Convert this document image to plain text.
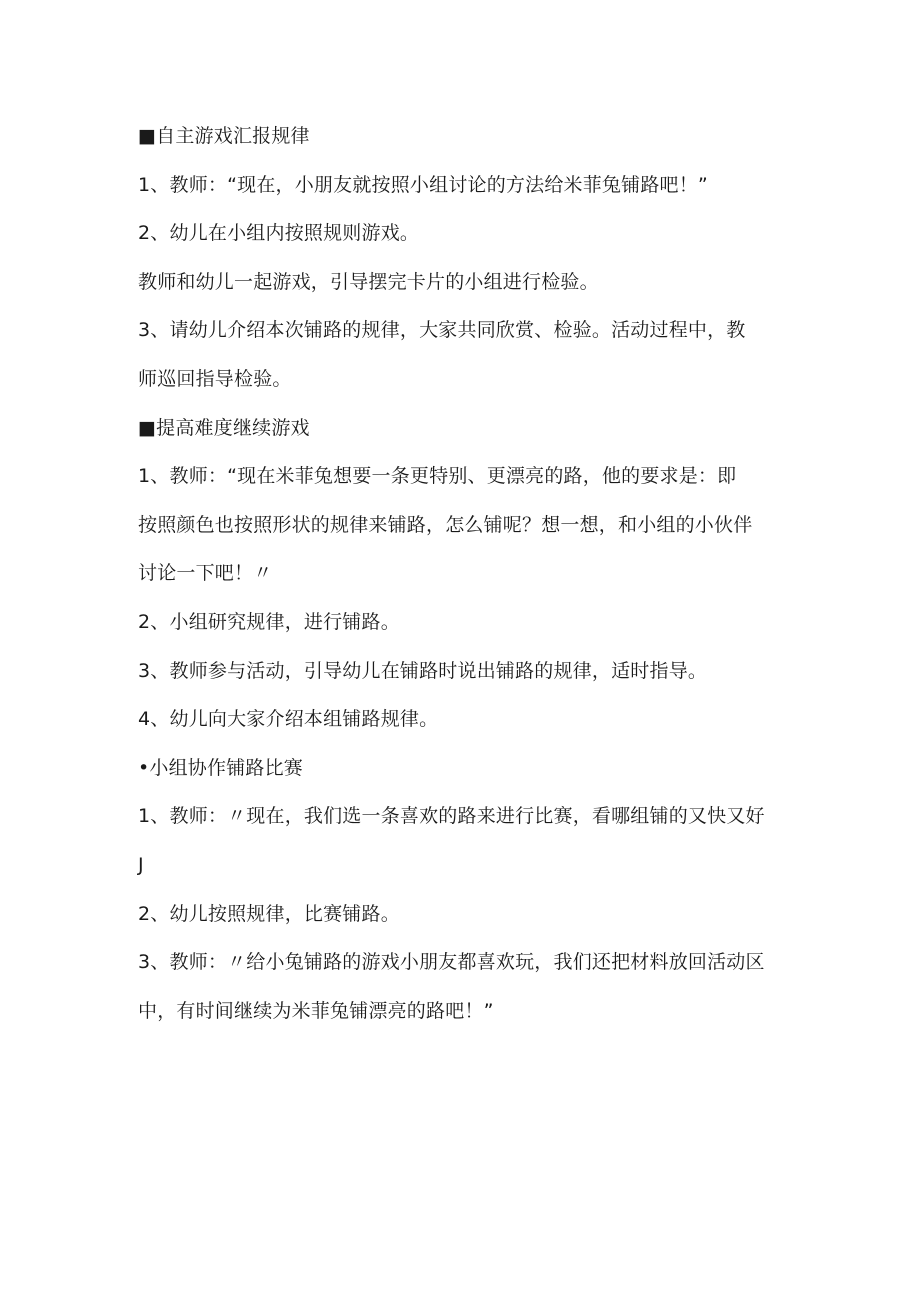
■自主游戏汇报规律
1、教师：“现在，小朋友就按照小组讨论的方法给米菲兔铺路吧！”
2、幼儿在小组内按照规则游戏。
教师和幼儿一起游戏，引导摆完卡片的小组进行检验。
3、请幼儿介绍本次铺路的规律，大家共同欣赏、检验。活动过程中，教
师巡回指导检验。
■提高难度继续游戏
1、教师：“现在米菲兔想要一条更特别、更漂亮的路，他的要求是：即
按照颜色也按照形状的规律来铺路，怎么铺呢？想一想，和小组的小伙伴
讨论一下吧！〃
2、小组研究规律，进行铺路。
3、教师参与活动，引导幼儿在铺路时说出铺路的规律，适时指导。
4、幼儿向大家介绍本组铺路规律。
•小组协作铺路比赛
1、教师：〃现在，我们选一条喜欢的路来进行比赛，看哪组铺的又快又好
J
2、幼儿按照规律，比赛铺路。
3、教师：〃给小兔铺路的游戏小朋友都喜欢玩，我们还把材料放回活动区
中，有时间继续为米菲兔铺漂亮的路吧！”
